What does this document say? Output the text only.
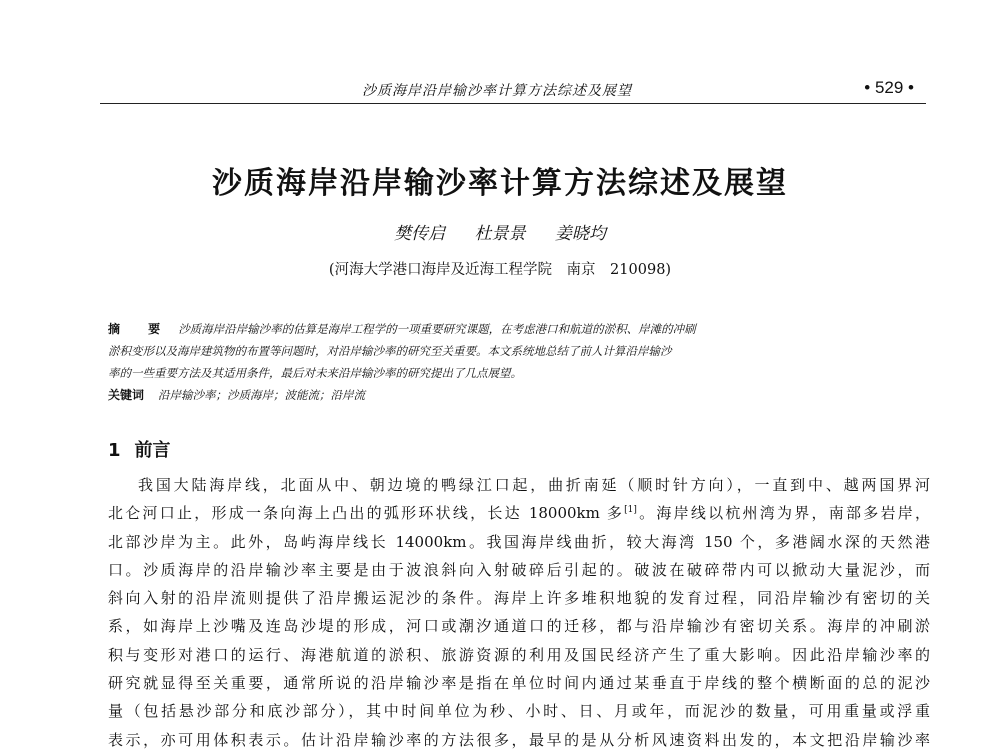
沙质海岸沿岸输沙率计算方法综述及展望	• 529 •
沙质海岸沿岸输沙率计算方法综述及展望
樊传启 杜景景 姜晓均
(河海大学港口海岸及近海工程学院　南京　210098)
摘 要 沙质海岸沿岸输沙率的估算是海岸工程学的一项重要研究课题，在考虑港口和航道的淤积、岸滩的冲刷
淤积变形以及海岸建筑物的布置等问题时，对沿岸输沙率的研究至关重要。本文系统地总结了前人计算沿岸输沙
率的一些重要方法及其适用条件，最后对未来沿岸输沙率的研究提出了几点展望。
关键词 沿岸输沙率；沙质海岸；波能流；沿岸流
1 前言
我国大陆海岸线，北面从中、朝边境的鸭绿江口起，曲折南延（顺时针方向），一直到中、越两国界河
北仑河口止，形成一条向海上凸出的弧形环状线，长达 18000km 多[1]。海岸线以杭州湾为界，南部多岩岸，
北部沙岸为主。此外，岛屿海岸线长 14000km。我国海岸线曲折，较大海湾 150 个，多港阔水深的天然港
口。沙质海岸的沿岸输沙率主要是由于波浪斜向入射破碎后引起的。破波在破碎带内可以掀动大量泥沙，而
斜向入射的沿岸流则提供了沿岸搬运泥沙的条件。海岸上许多堆积地貌的发育过程，同沿岸输沙有密切的关
系，如海岸上沙嘴及连岛沙堤的形成，河口或潮汐通道口的迁移，都与沿岸输沙有密切关系。海岸的冲刷淤
积与变形对港口的运行、海港航道的淤积、旅游资源的利用及国民经济产生了重大影响。因此沿岸输沙率的
研究就显得至关重要，通常所说的沿岸输沙率是指在单位时间内通过某垂直于岸线的整个横断面的总的泥沙
量（包括悬沙部分和底沙部分），其中时间单位为秒、小时、日、月或年，而泥沙的数量，可用重量或浮重
表示，亦可用体积表示。估计沿岸输沙率的方法很多，最早的是从分析风速资料出发的，本文把沿岸输沙率
